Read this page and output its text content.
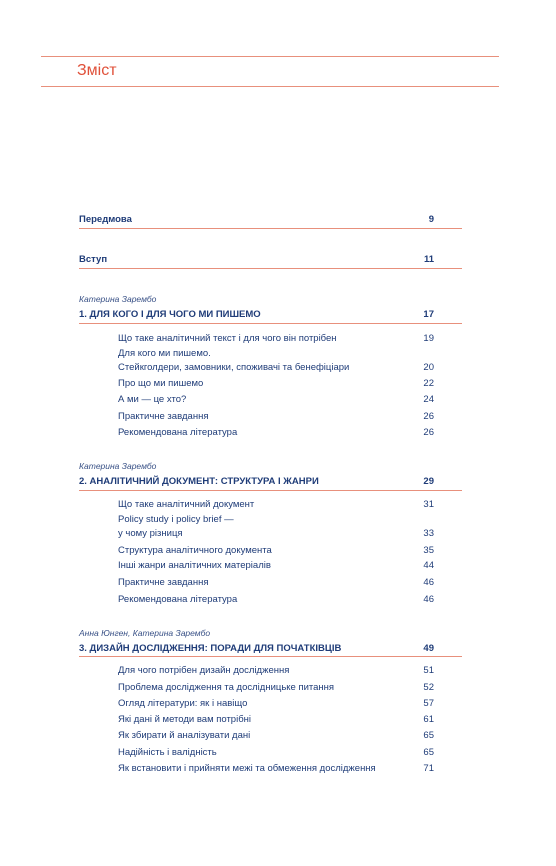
Зміст
Передмова	9
Вступ	11
Катерина Зарембо
1. ДЛЯ КОГО І ДЛЯ ЧОГО МИ ПИШЕМО	17
Що таке аналітичний текст і для чого він потрібен	19
Для кого ми пишемо.
Стейкголдери, замовники, споживачі та бенефіціари	20
Про що ми пишемо	22
А ми — це хто?	24
Практичне завдання	26
Рекомендована література	26
Катерина Зарембо
2. АНАЛІТИЧНИЙ ДОКУМЕНТ: СТРУКТУРА І ЖАНРИ	29
Що таке аналітичний документ	31
Policy study і policy brief —
у чому різниця	33
Структура аналітичного документа	35
Інші жанри аналітичних матеріалів	44
Практичне завдання	46
Рекомендована література	46
Анна Юнген, Катерина Зарембо
3. ДИЗАЙН ДОСЛІДЖЕННЯ: ПОРАДИ ДЛЯ ПОЧАТКІВЦІВ	49
Для чого потрібен дизайн дослідження	51
Проблема дослідження та дослідницьке питання	52
Огляд літератури: як і навіщо	57
Які дані й методи вам потрібні	61
Як збирати й аналізувати дані	65
Надійність і валідність	65
Як встановити і прийняти межі та обмеження дослідження	71
